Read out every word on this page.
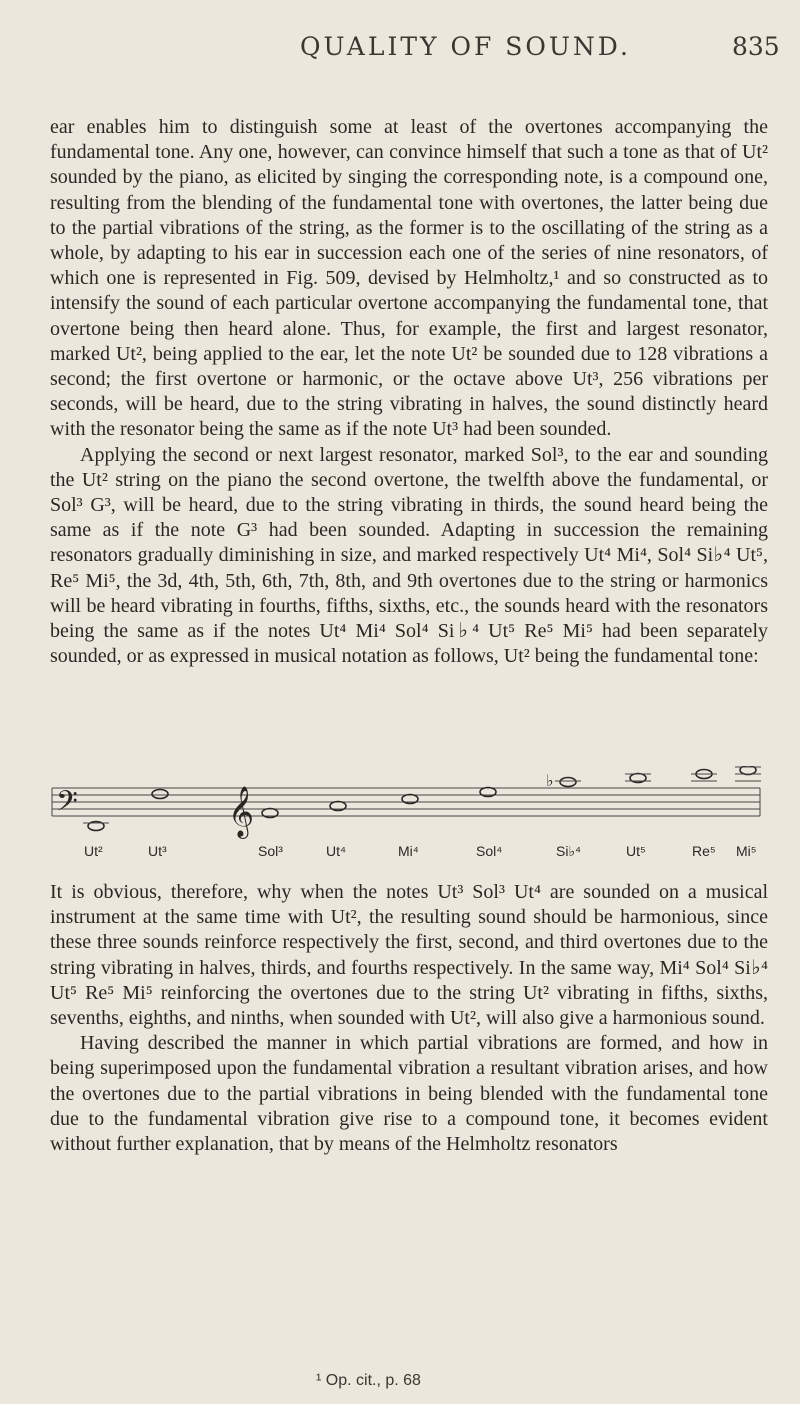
QUALITY OF SOUND.	835

ear enables him to distinguish some at least of the overtones accompanying the fundamental tone. Any one, however, can convince himself that such a tone as that of Ut² sounded by the piano, as elicited by singing the corresponding note, is a compound one, resulting from the blending of the fundamental tone with overtones, the latter being due to the partial vibrations of the string, as the former is to the oscillating of the string as a whole, by adapting to his ear in succession each one of the series of nine resonators, of which one is represented in Fig. 509, devised by Helmholtz,¹ and so constructed as to intensify the sound of each particular overtone accompanying the fundamental tone, that overtone being then heard alone. Thus, for example, the first and largest resonator, marked Ut², being applied to the ear, let the note Ut² be sounded due to 128 vibrations a second; the first overtone or harmonic, or the octave above Ut³, 256 vibrations per seconds, will be heard, due to the string vibrating in halves, the sound distinctly heard with the resonator being the same as if the note Ut³ had been sounded.

Applying the second or next largest resonator, marked Sol³, to the ear and sounding the Ut² string on the piano the second overtone, the twelfth above the fundamental, or Sol³ G³, will be heard, due to the string vibrating in thirds, the sound heard being the same as if the note G³ had been sounded. Adapting in succession the remaining resonators gradually diminishing in size, and marked respectively Ut⁴ Mi⁴, Sol⁴ Si♭⁴ Ut⁵, Re⁵ Mi⁵, the 3d, 4th, 5th, 6th, 7th, 8th, and 9th overtones due to the string or harmonics will be heard vibrating in fourths, fifths, sixths, etc., the sounds heard with the resonators being the same as if the notes Ut⁴ Mi⁴ Sol⁴ Si♭⁴ Ut⁵ Re⁵ Mi⁵ had been separately sounded, or as expressed in musical notation as follows, Ut² being the fundamental tone:

𝄢	𝄞
♭
Ut²	Ut³	Sol³	Ut⁴	Mi⁴	Sol⁴	Si♭⁴	Ut⁵	Re⁵ Mi⁵

It is obvious, therefore, why when the notes Ut³ Sol³ Ut⁴ are sounded on a musical instrument at the same time with Ut², the resulting sound should be harmonious, since these three sounds reinforce respectively the first, second, and third overtones due to the string vibrating in halves, thirds, and fourths respectively. In the same way, Mi⁴ Sol⁴ Si♭⁴ Ut⁵ Re⁵ Mi⁵ reinforcing the overtones due to the string Ut² vibrating in fifths, sixths, sevenths, eighths, and ninths, when sounded with Ut², will also give a harmonious sound.

Having described the manner in which partial vibrations are formed, and how in being superimposed upon the fundamental vibration a resultant vibration arises, and how the overtones due to the partial vibrations in being blended with the fundamental tone due to the fundamental vibration give rise to a compound tone, it becomes evident without further explanation, that by means of the Helmholtz resonators

¹ Op. cit., p. 68
